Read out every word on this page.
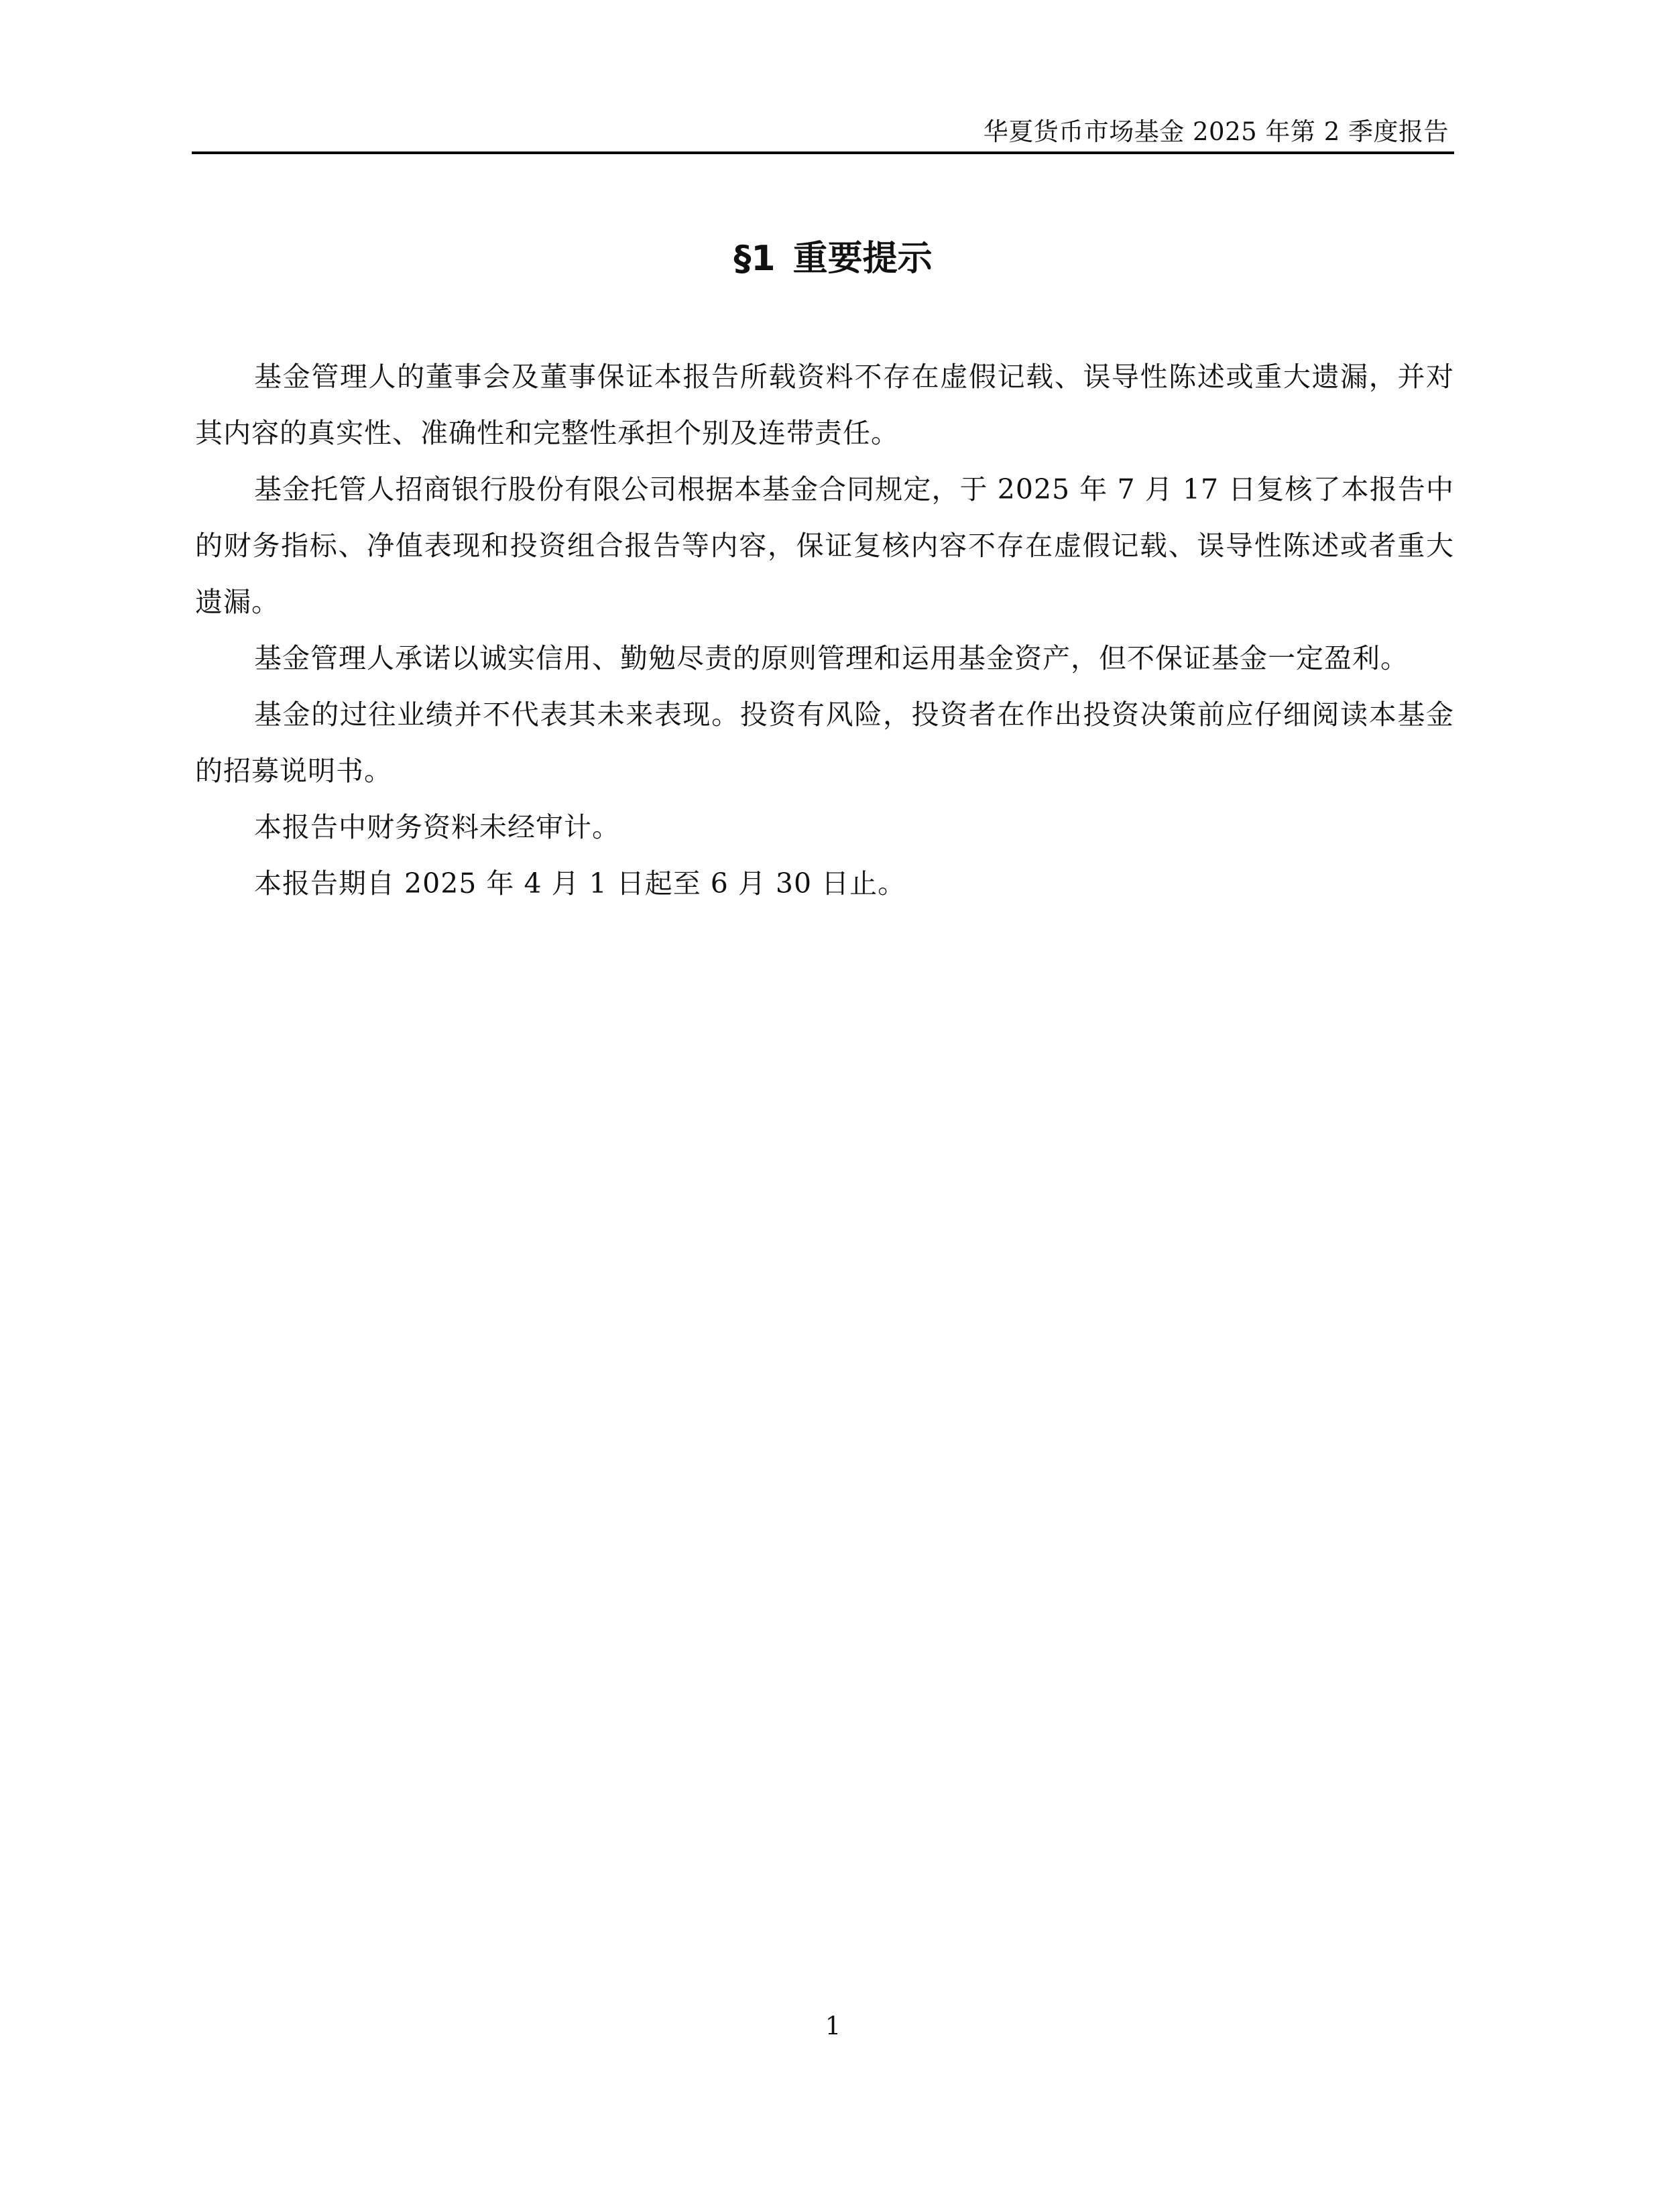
华夏货币市场基金 2025 年第 2 季度报告
§1 重要提示

基金管理人的董事会及董事保证本报告所载资料不存在虚假记载、误导性陈述或重大遗漏，并对其内容的真实性、准确性和完整性承担个别及连带责任。

基金托管人招商银行股份有限公司根据本基金合同规定，于 2025 年 7 月 17 日复核了本报告中的财务指标、净值表现和投资组合报告等内容，保证复核内容不存在虚假记载、误导性陈述或者重大遗漏。

基金管理人承诺以诚实信用、勤勉尽责的原则管理和运用基金资产，但不保证基金一定盈利。

基金的过往业绩并不代表其未来表现。投资有风险，投资者在作出投资决策前应仔细阅读本基金的招募说明书。

本报告中财务资料未经审计。

本报告期自 2025 年 4 月 1 日起至 6 月 30 日止。

1
